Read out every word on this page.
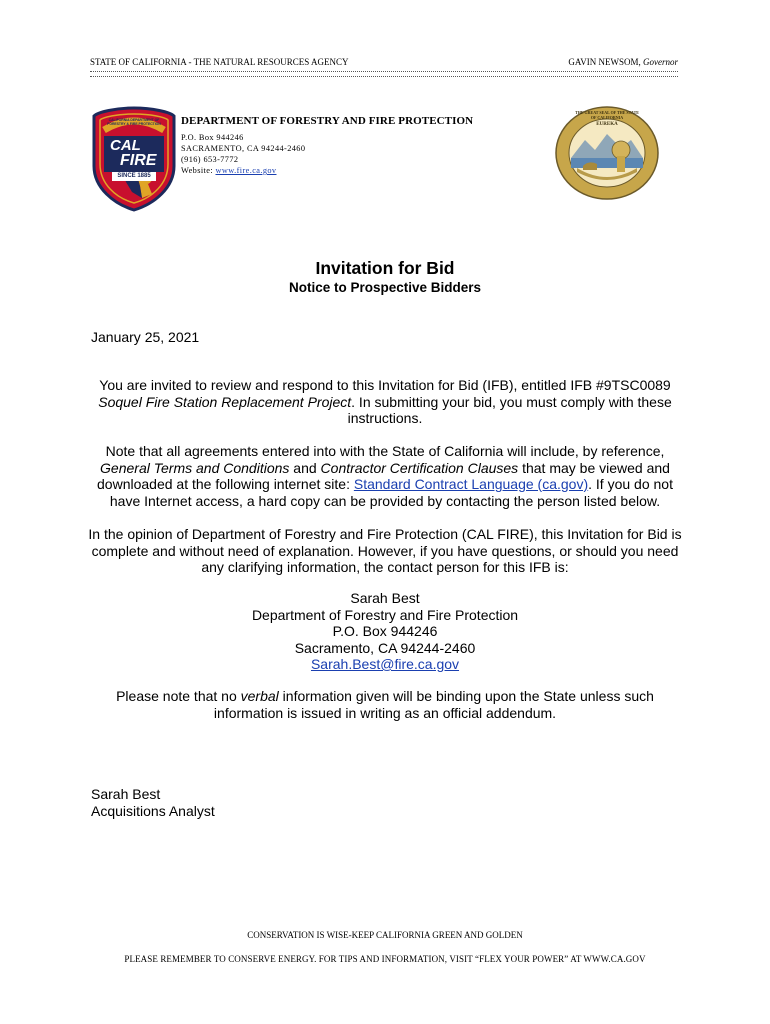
STATE OF CALIFORNIA - THE NATURAL RESOURCES AGENCY	GAVIN NEWSOM, Governor
CALIFORNIA DEPARTMENT OF FORESTRY & FIRE PROTECTION
CAL
FIRE
SINCE 1885
DEPARTMENT OF FORESTRY AND FIRE PROTECTION
P.O. Box 944246
SACRAMENTO, CA 94244-2460
(916) 653-7772
Website: www.fire.ca.gov
THE GREAT SEAL OF THE STATE OF CALIFORNIA
EUREKA
Invitation for Bid
Notice to Prospective Bidders
January 25, 2021
You are invited to review and respond to this Invitation for Bid (IFB), entitled IFB #9TSC0089 Soquel Fire Station Replacement Project. In submitting your bid, you must comply with these instructions.
Note that all agreements entered into with the State of California will include, by reference, General Terms and Conditions and Contractor Certification Clauses that may be viewed and downloaded at the following internet site: Standard Contract Language (ca.gov). If you do not have Internet access, a hard copy can be provided by contacting the person listed below.
In the opinion of Department of Forestry and Fire Protection (CAL FIRE), this Invitation for Bid is complete and without need of explanation. However, if you have questions, or should you need any clarifying information, the contact person for this IFB is:
Sarah Best
Department of Forestry and Fire Protection
P.O. Box 944246
Sacramento, CA 94244-2460
Sarah.Best@fire.ca.gov
Please note that no verbal information given will be binding upon the State unless such information is issued in writing as an official addendum.
Sarah Best
Acquisitions Analyst
CONSERVATION IS WISE-KEEP CALIFORNIA GREEN AND GOLDEN
PLEASE REMEMBER TO CONSERVE ENERGY. FOR TIPS AND INFORMATION, VISIT “FLEX YOUR POWER” AT WWW.CA.GOV
